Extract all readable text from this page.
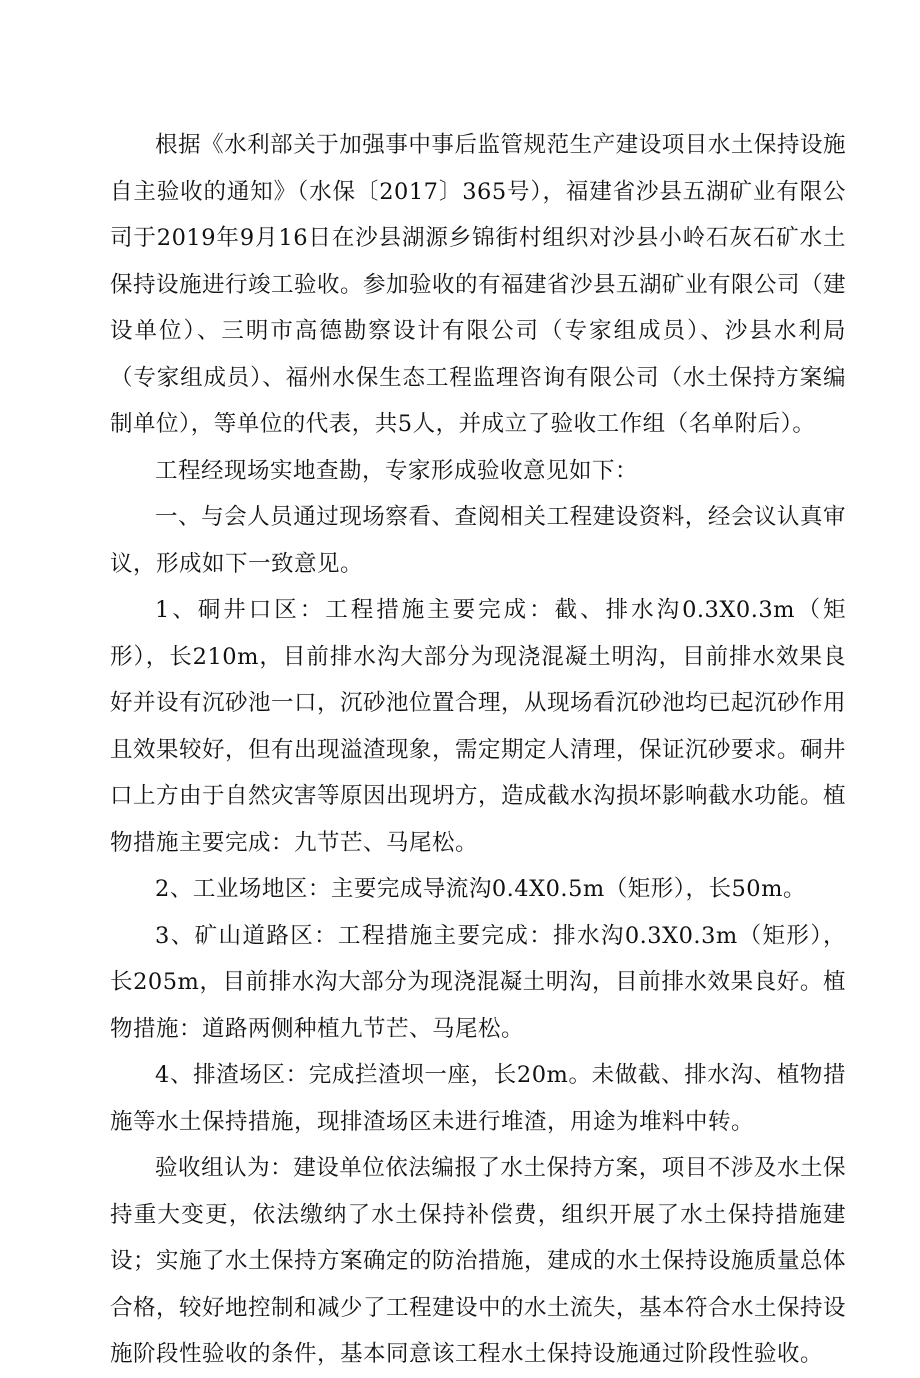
根据《水利部关于加强事中事后监管规范生产建设项目水土保持设施自主验收的通知》（水保〔2017〕365号），福建省沙县五湖矿业有限公司于2019年9月16日在沙县湖源乡锦街村组织对沙县小岭石灰石矿水土保持设施进行竣工验收。参加验收的有福建省沙县五湖矿业有限公司（建设单位）、三明市高德勘察设计有限公司（专家组成员）、沙县水利局（专家组成员）、福州水保生态工程监理咨询有限公司（水土保持方案编制单位），等单位的代表，共5人，并成立了验收工作组（名单附后）。

工程经现场实地查勘，专家形成验收意见如下：

一、与会人员通过现场察看、查阅相关工程建设资料，经会议认真审议，形成如下一致意见。

1、硐井口区：工程措施主要完成：截、排水沟0.3X0.3m（矩形），长210m，目前排水沟大部分为现浇混凝土明沟，目前排水效果良好并设有沉砂池一口，沉砂池位置合理，从现场看沉砂池均已起沉砂作用且效果较好，但有出现溢渣现象，需定期定人清理，保证沉砂要求。硐井口上方由于自然灾害等原因出现坍方，造成截水沟损坏影响截水功能。植物措施主要完成：九节芒、马尾松。

2、工业场地区：主要完成导流沟0.4X0.5m（矩形），长50m。

3、矿山道路区：工程措施主要完成：排水沟0.3X0.3m（矩形），长205m，目前排水沟大部分为现浇混凝土明沟，目前排水效果良好。植物措施：道路两侧种植九节芒、马尾松。

4、排渣场区：完成拦渣坝一座，长20m。未做截、排水沟、植物措施等水土保持措施，现排渣场区未进行堆渣，用途为堆料中转。

验收组认为：建设单位依法编报了水土保持方案，项目不涉及水土保持重大变更，依法缴纳了水土保持补偿费，组织开展了水土保持措施建设；实施了水土保持方案确定的防治措施，建成的水土保持设施质量总体合格，较好地控制和减少了工程建设中的水土流失，基本符合水土保持设施阶段性验收的条件，基本同意该工程水土保持设施通过阶段性验收。
